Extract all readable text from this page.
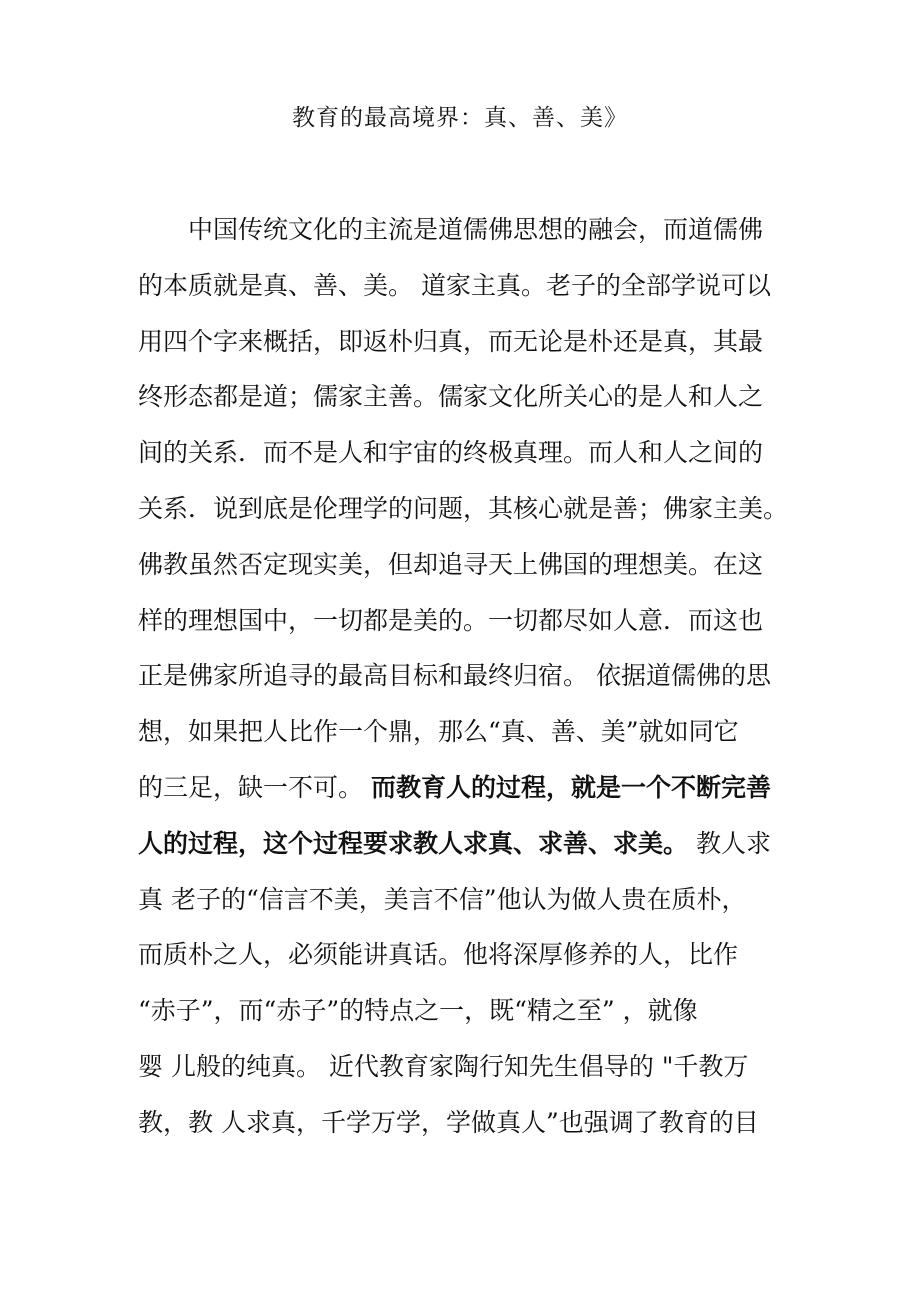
教育的最高境界：真、善、美》
　　中国传统文化的主流是道儒佛思想的融会，而道儒佛
的本质就是真、善、美。 道家主真。老子的全部学说可以
用四个字来概括，即返朴归真，而无论是朴还是真，其最
终形态都是道；儒家主善。儒家文化所关心的是人和人之
间的关系．而不是人和宇宙的终极真理。而人和人之间的
关系．说到底是伦理学的问题，其核心就是善；佛家主美。
佛教虽然否定现实美，但却追寻天上佛国的理想美。在这
样的理想国中，一切都是美的。一切都尽如人意．而这也
正是佛家所追寻的最高目标和最终归宿。 依据道儒佛的思
想，如果把人比作一个鼎，那么“真、善、美”就如同它
的三足，缺一不可。 而教育人的过程，就是一个不断完善
人的过程，这个过程要求教人求真、求善、求美。 教人求
真 老子的“信言不美，美言不信”他认为做人贵在质朴，
而质朴之人，必须能讲真话。他将深厚修养的人，比作
“赤子”，而“赤子”的特点之一，既“精之至” ，就像
婴 儿般的纯真。 近代教育家陶行知先生倡导的 "千教万
教，教 人求真，千学万学，学做真人”也强调了教育的目
